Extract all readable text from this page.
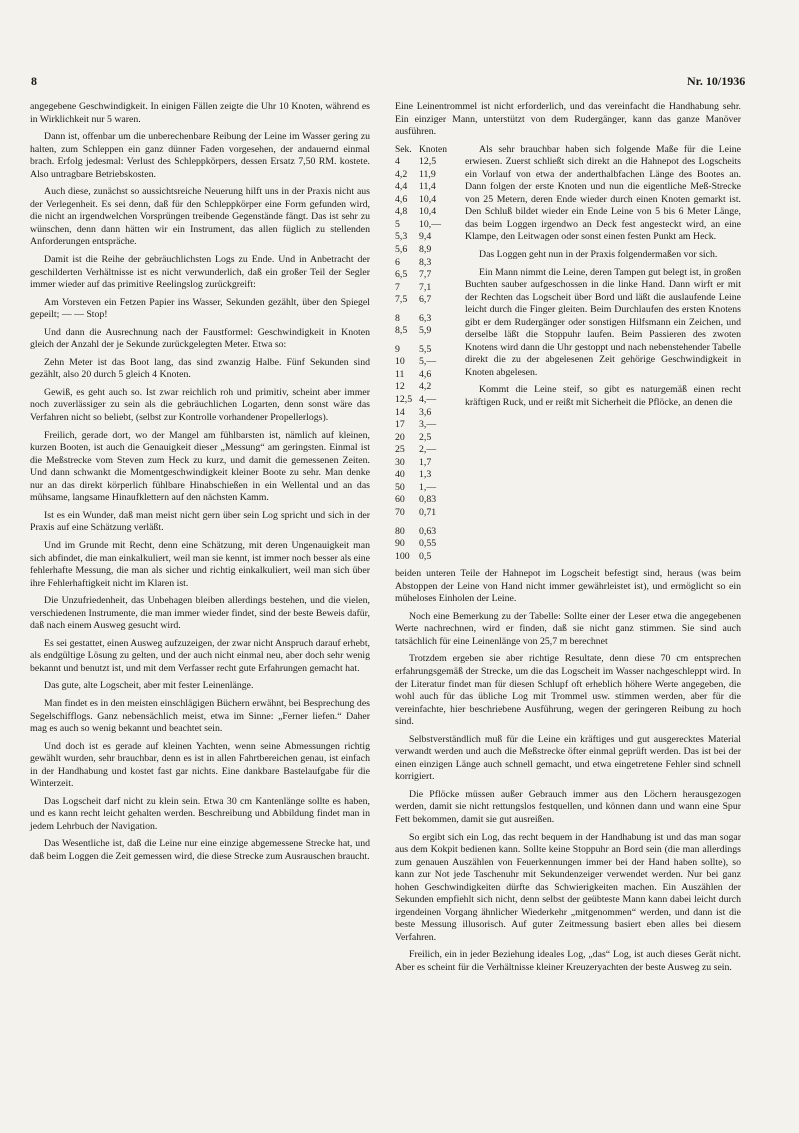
8	Nr. 10/1936

angegebene Geschwindigkeit. In einigen Fällen zeigte die Uhr 10 Knoten, während es in Wirklichkeit nur 5 waren.

Dann ist, offenbar um die unberechenbare Reibung der Leine im Wasser gering zu halten, zum Schleppen ein ganz dünner Faden vorgesehen, der andauernd einmal brach. Erfolg jedesmal: Verlust des Schleppkörpers, dessen Ersatz 7,50 RM. kostete. Also untragbare Betriebskosten.

Auch diese, zunächst so aussichtsreiche Neuerung hilft uns in der Praxis nicht aus der Verlegenheit. Es sei denn, daß für den Schleppkörper eine Form gefunden wird, die nicht an irgendwelchen Vorsprüngen treibende Gegenstände fängt. Das ist sehr zu wünschen, denn dann hätten wir ein Instrument, das allen füglich zu stellenden Anforderungen entspräche.

Damit ist die Reihe der gebräuchlichsten Logs zu Ende. Und in Anbetracht der geschilderten Verhältnisse ist es nicht verwunderlich, daß ein großer Teil der Segler immer wieder auf das primitive Reelingslog zurückgreift:

Am Vorsteven ein Fetzen Papier ins Wasser, Sekunden gezählt, über den Spiegel gepeilt; — — Stop!

Und dann die Ausrechnung nach der Faustformel: Geschwindigkeit in Knoten gleich der Anzahl der je Sekunde zurückgelegten Meter. Etwa so:

Zehn Meter ist das Boot lang, das sind zwanzig Halbe. Fünf Sekunden sind gezählt, also 20 durch 5 gleich 4 Knoten.

Gewiß, es geht auch so. Ist zwar reichlich roh und primitiv, scheint aber immer noch zuverlässiger zu sein als die gebräuchlichen Logarten, denn sonst wäre das Verfahren nicht so beliebt, (selbst zur Kontrolle vorhandener Propellerlogs).

Freilich, gerade dort, wo der Mangel am fühlbarsten ist, nämlich auf kleinen, kurzen Booten, ist auch die Genauigkeit dieser „Messung“ am geringsten. Einmal ist die Meßstrecke vom Steven zum Heck zu kurz, und damit die gemessenen Zeiten. Und dann schwankt die Momentgeschwindigkeit kleiner Boote zu sehr. Man denke nur an das direkt körperlich fühlbare Hinabschießen in ein Wellental und an das mühsame, langsame Hinaufklettern auf den nächsten Kamm.

Ist es ein Wunder, daß man meist nicht gern über sein Log spricht und sich in der Praxis auf eine Schätzung verläßt.

Und im Grunde mit Recht, denn eine Schätzung, mit deren Ungenauigkeit man sich abfindet, die man einkalkuliert, weil man sie kennt, ist immer noch besser als eine fehlerhafte Messung, die man als sicher und richtig einkalkuliert, weil man sich über ihre Fehlerhaftigkeit nicht im Klaren ist.

Die Unzufriedenheit, das Unbehagen bleiben allerdings bestehen, und die vielen, verschiedenen Instrumente, die man immer wieder findet, sind der beste Beweis dafür, daß nach einem Ausweg gesucht wird.

Es sei gestattet, einen Ausweg aufzuzeigen, der zwar nicht Anspruch darauf erhebt, als endgültige Lösung zu gelten, und der auch nicht einmal neu, aber doch sehr wenig bekannt und benutzt ist, und mit dem Verfasser recht gute Erfahrungen gemacht hat.

Das gute, alte Logscheit, aber mit fester Leinenlänge.

Man findet es in den meisten einschlägigen Büchern erwähnt, bei Besprechung des Segelschifflogs. Ganz nebensächlich meist, etwa im Sinne: „Ferner liefen.“ Daher mag es auch so wenig bekannt und beachtet sein.

Und doch ist es gerade auf kleinen Yachten, wenn seine Abmessungen richtig gewählt wurden, sehr brauchbar, denn es ist in allen Fahrtbereichen genau, ist einfach in der Handhabung und kostet fast gar nichts. Eine dankbare Bastelaufgabe für die Winterzeit.

Das Logscheit darf nicht zu klein sein. Etwa 30 cm Kantenlänge sollte es haben, und es kann recht leicht gehalten werden. Beschreibung und Abbildung findet man in jedem Lehrbuch der Navigation.

Das Wesentliche ist, daß die Leine nur eine einzige abgemessene Strecke hat, und daß beim Loggen die Zeit gemessen wird, die diese Strecke zum Ausrauschen braucht.

Eine Leinentrommel ist nicht erforderlich, und das vereinfacht die Handhabung sehr. Ein einziger Mann, unterstützt von dem Rudergänger, kann das ganze Manöver ausführen.

Sek. Knoten
4	12,5
4,2	11,9
4,4	11,4
4,6	10,4
4,8	10,4
5	10,—
5,3	9,4
5,6	8,9
6	8,3
6,5	7,7
7	7,1
7,5	6,7
8	6,3
8,5	5,9
9	5,5
10	5,—
11	4,6
12	4,2
12,5 4,—
14	3,6
17	3,—
20	2,5
25	2,—
30	1,7
40	1,3
50	1,—
60	0,83
70	0,71
80	0,63
90	0,55
100 0,5

Als sehr brauchbar haben sich folgende Maße für die Leine erwiesen. Zuerst schließt sich direkt an die Hahnepot des Logscheits ein Vorlauf von etwa der anderthalbfachen Länge des Bootes an. Dann folgen der erste Knoten und nun die eigentliche Meß-Strecke von 25 Metern, deren Ende wieder durch einen Knoten gemarkt ist. Den Schluß bildet wieder ein Ende Leine von 5 bis 6 Meter Länge, das beim Loggen irgendwo an Deck fest angesteckt wird, an eine Klampe, den Leitwagen oder sonst einen festen Punkt am Heck.

Das Loggen geht nun in der Praxis folgendermaßen vor sich.

Ein Mann nimmt die Leine, deren Tampen gut belegt ist, in großen Buchten sauber aufgeschossen in die linke Hand. Dann wirft er mit der Rechten das Logscheit über Bord und läßt die auslaufende Leine leicht durch die Finger gleiten. Beim Durchlaufen des ersten Knotens gibt er dem Rudergänger oder sonstigen Hilfsmann ein Zeichen, und derselbe läßt die Stoppuhr laufen. Beim Passieren des zwoten Knotens wird dann die Uhr gestoppt und nach nebenstehender Tabelle direkt die zu der abgelesenen Zeit gehörige Geschwindigkeit in Knoten abgelesen.

Kommt die Leine steif, so gibt es naturgemäß einen recht kräftigen Ruck, und er reißt mit Sicherheit die Pflöcke, an denen die

beiden unteren Teile der Hahnepot im Logscheit befestigt sind, heraus (was beim Abstoppen der Leine von Hand nicht immer gewährleistet ist), und ermöglicht so ein müheloses Einholen der Leine.

Noch eine Bemerkung zu der Tabelle: Sollte einer der Leser etwa die angegebenen Werte nachrechnen, wird er finden, daß sie nicht ganz stimmen. Sie sind auch tatsächlich für eine Leinenlänge von 25,7 m berechnet

Trotzdem ergeben sie aber richtige Resultate, denn diese 70 cm entsprechen erfahrungsgemäß der Strecke, um die das Logscheit im Wasser nachgeschleppt wird. In der Literatur findet man für diesen Schlupf oft erheblich höhere Werte angegeben, die wohl auch für das übliche Log mit Trommel usw. stimmen werden, aber für die vereinfachte, hier beschriebene Ausführung, wegen der geringeren Reibung zu hoch sind.

Selbstverständlich muß für die Leine ein kräftiges und gut ausgerecktes Material verwandt werden und auch die Meßstrecke öfter einmal geprüft werden. Das ist bei der einen einzigen Länge auch schnell gemacht, und etwa eingetretene Fehler sind schnell korrigiert.

Die Pflöcke müssen außer Gebrauch immer aus den Löchern herausgezogen werden, damit sie nicht rettungslos festquellen, und können dann und wann eine Spur Fett bekommen, damit sie gut ausreißen.

So ergibt sich ein Log, das recht bequem in der Handhabung ist und das man sogar aus dem Kokpit bedienen kann. Sollte keine Stoppuhr an Bord sein (die man allerdings zum genauen Auszählen von Feuerkennungen immer bei der Hand haben sollte), so kann zur Not jede Taschenuhr mit Sekundenzeiger verwendet werden. Nur bei ganz hohen Geschwindigkeiten dürfte das Schwierigkeiten machen. Ein Auszählen der Sekunden empfiehlt sich nicht, denn selbst der geübteste Mann kann dabei leicht durch irgendeinen Vorgang ähnlicher Wiederkehr „mitgenommen“ werden, und dann ist die beste Messung illusorisch. Auf guter Zeitmessung basiert eben alles bei diesem Verfahren.

Freilich, ein in jeder Beziehung ideales Log, „das“ Log, ist auch dieses Gerät nicht. Aber es scheint für die Verhältnisse kleiner Kreuzeryachten der beste Ausweg zu sein.
